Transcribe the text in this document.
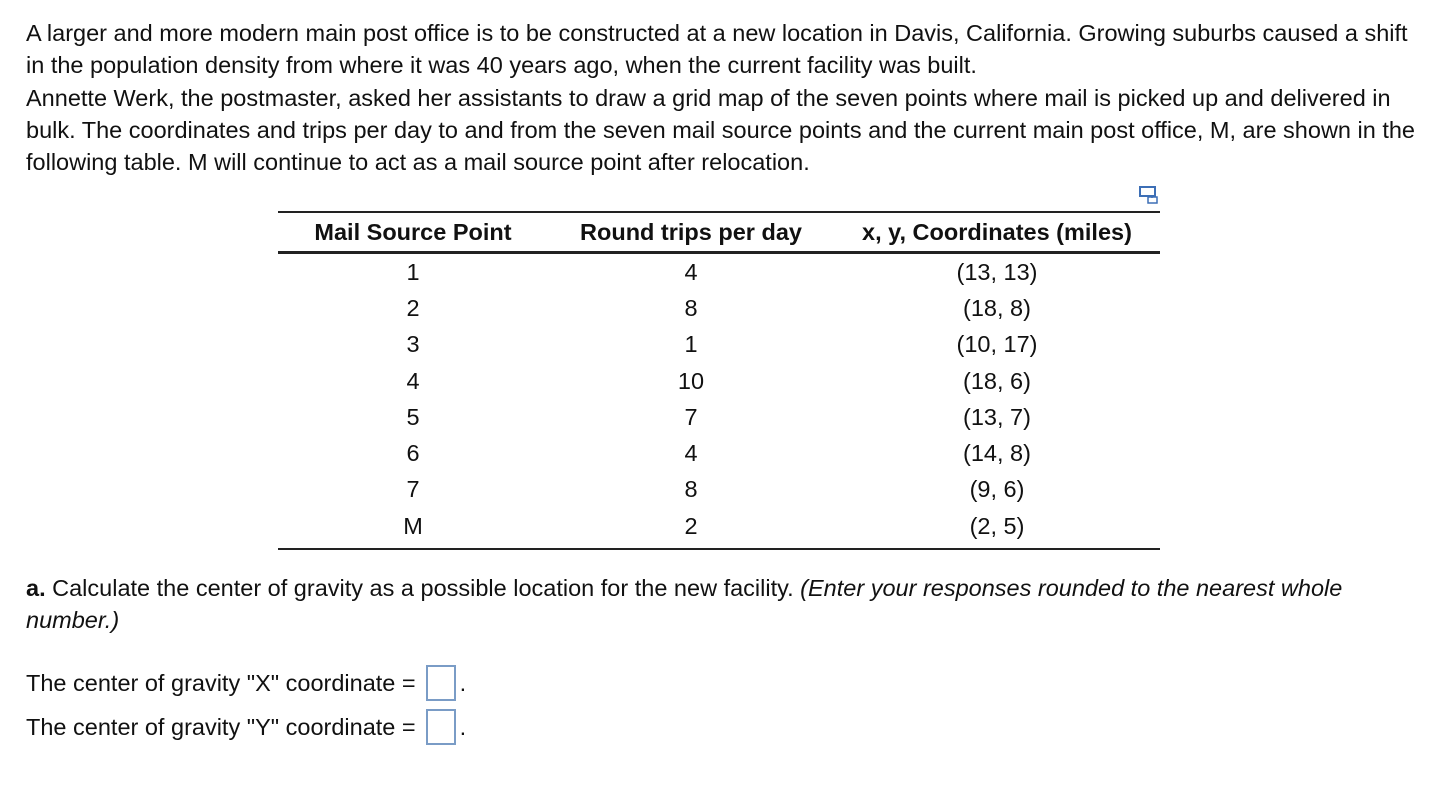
A larger and more modern main post office is to be constructed at a new location in Davis, California. Growing suburbs caused a shift in the population density from where it was 40 years ago, when the current facility was built.

Annette Werk, the postmaster, asked her assistants to draw a grid map of the seven points where mail is picked up and delivered in bulk. The coordinates and trips per day to and from the seven mail source points and the current main post office, M, are shown in the following table. M will continue to act as a mail source point after relocation.

Mail Source Point	Round trips per day	x, y, Coordinates (miles)
1	4	(13, 13)
2	8	(18, 8)
3	1	(10, 17)
4	10	(18, 6)
5	7	(13, 7)
6	4	(14, 8)
7	8	(9, 6)
M	2	(2, 5)
a. Calculate the center of gravity as a possible location for the new facility. (Enter your responses rounded to the nearest whole number.)
The center of gravity "X" coordinate = .
The center of gravity "Y" coordinate = .
